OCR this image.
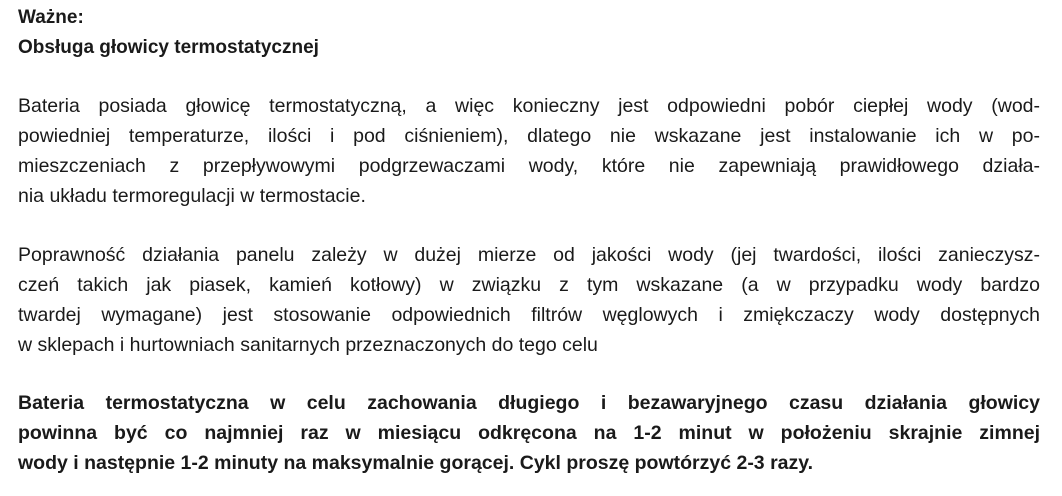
Ważne:
Obsługa głowicy termostatycznej
Bateria posiada głowicę termostatyczną, a więc konieczny jest odpowiedni pobór ciepłej wody (wod-
powiedniej temperaturze, ilości i pod ciśnieniem), dlatego nie wskazane jest instalowanie ich w po-
mieszczeniach z przepływowymi podgrzewaczami wody, które nie zapewniają prawidłowego działa-
nia układu termoregulacji w termostacie.
Poprawność działania panelu zależy w dużej mierze od jakości wody (jej twardości, ilości zanieczysz-
czeń takich jak piasek, kamień kotłowy) w związku z tym wskazane (a w przypadku wody bardzo
twardej wymagane) jest stosowanie odpowiednich filtrów węglowych i zmiękczaczy wody dostępnych
w sklepach i hurtowniach sanitarnych przeznaczonych do tego celu
Bateria termostatyczna w celu zachowania długiego i bezawaryjnego czasu działania głowicy
powinna być co najmniej raz w miesiącu odkręcona na 1-2 minut w położeniu skrajnie zimnej
wody i następnie 1-2 minuty na maksymalnie gorącej. Cykl proszę powtórzyć 2-3 razy.
